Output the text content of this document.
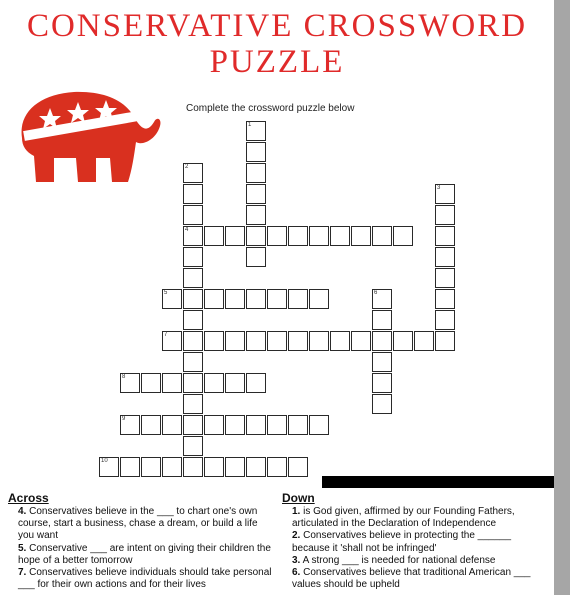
CONSERVATIVE CROSSWORD
PUZZLE
Complete the crossword puzzle below
1
2
4
3
5	6
7
8
9
10
Across	Down
4. Conservatives believe in the ___ to chart one's own course, start a business, chase a dream, or build a life you want
5. Conservative ___ are intent on giving their children the hope of a better tomorrow
7. Conservatives believe individuals should take personal ___ for their own actions and for their lives
1. is God given, affirmed by our Founding Fathers, articulated in the Declaration of Independence
2. Conservatives believe in protecting the ______ because it 'shall not be infringed'
3. A strong ___ is needed for national defense
6. Conservatives believe that traditional American ___ values should be upheld
